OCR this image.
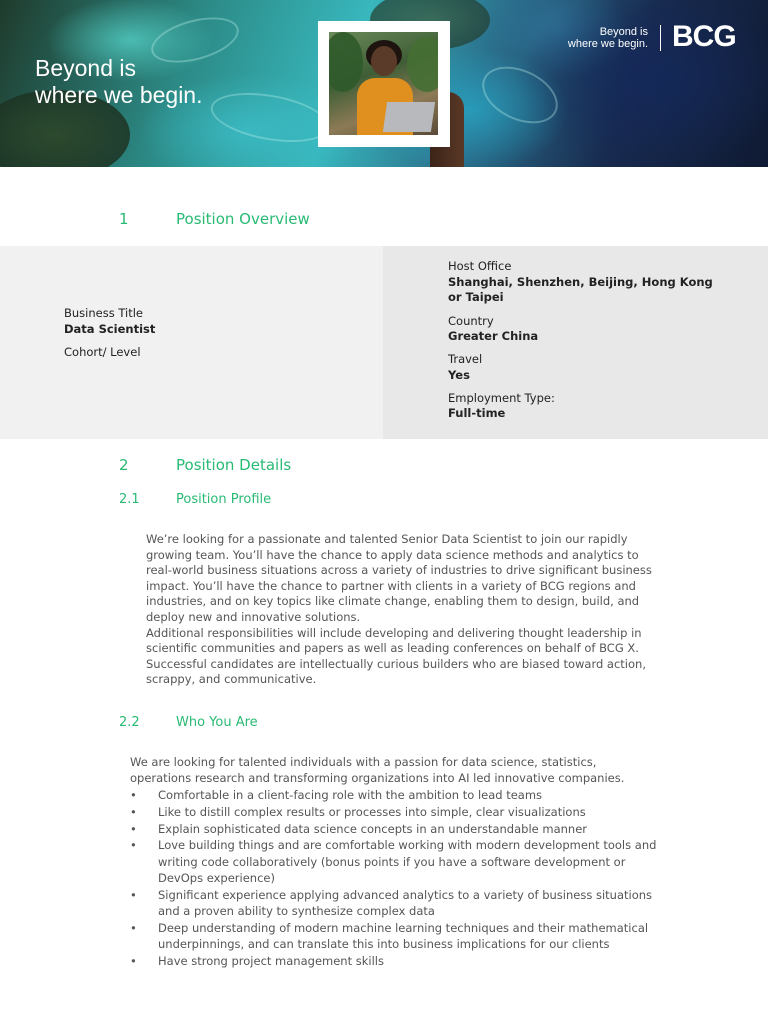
Beyond is
where we begin.
Beyond is
where we begin. BCG
1	Position Overview
Business Title
Data Scientist
Cohort/ Level
Host Office
Shanghai, Shenzhen, Beijing, Hong Kong
or Taipei
Country
Greater China
Travel
Yes
Employment Type:
Full-time
2	Position Details
2.1	Position Profile
We’re looking for a passionate and talented Senior Data Scientist to join our rapidly
growing team. You’ll have the chance to apply data science methods and analytics to
real-world business situations across a variety of industries to drive significant business
impact. You’ll have the chance to partner with clients in a variety of BCG regions and
industries, and on key topics like climate change, enabling them to design, build, and
deploy new and innovative solutions.
Additional responsibilities will include developing and delivering thought leadership in
scientific communities and papers as well as leading conferences on behalf of BCG X.
Successful candidates are intellectually curious builders who are biased toward action,
scrappy, and communicative.
2.2	Who You Are
We are looking for talented individuals with a passion for data science, statistics,
operations research and transforming organizations into AI led innovative companies.
• Comfortable in a client-facing role with the ambition to lead teams
• Like to distill complex results or processes into simple, clear visualizations
• Explain sophisticated data science concepts in an understandable manner
• Love building things and are comfortable working with modern development tools and writing code collaboratively (bonus points if you have a software development or DevOps experience)
• Significant experience applying advanced analytics to a variety of business situations and a proven ability to synthesize complex data
• Deep understanding of modern machine learning techniques and their mathematical underpinnings, and can translate this into business implications for our clients
• Have strong project management skills
